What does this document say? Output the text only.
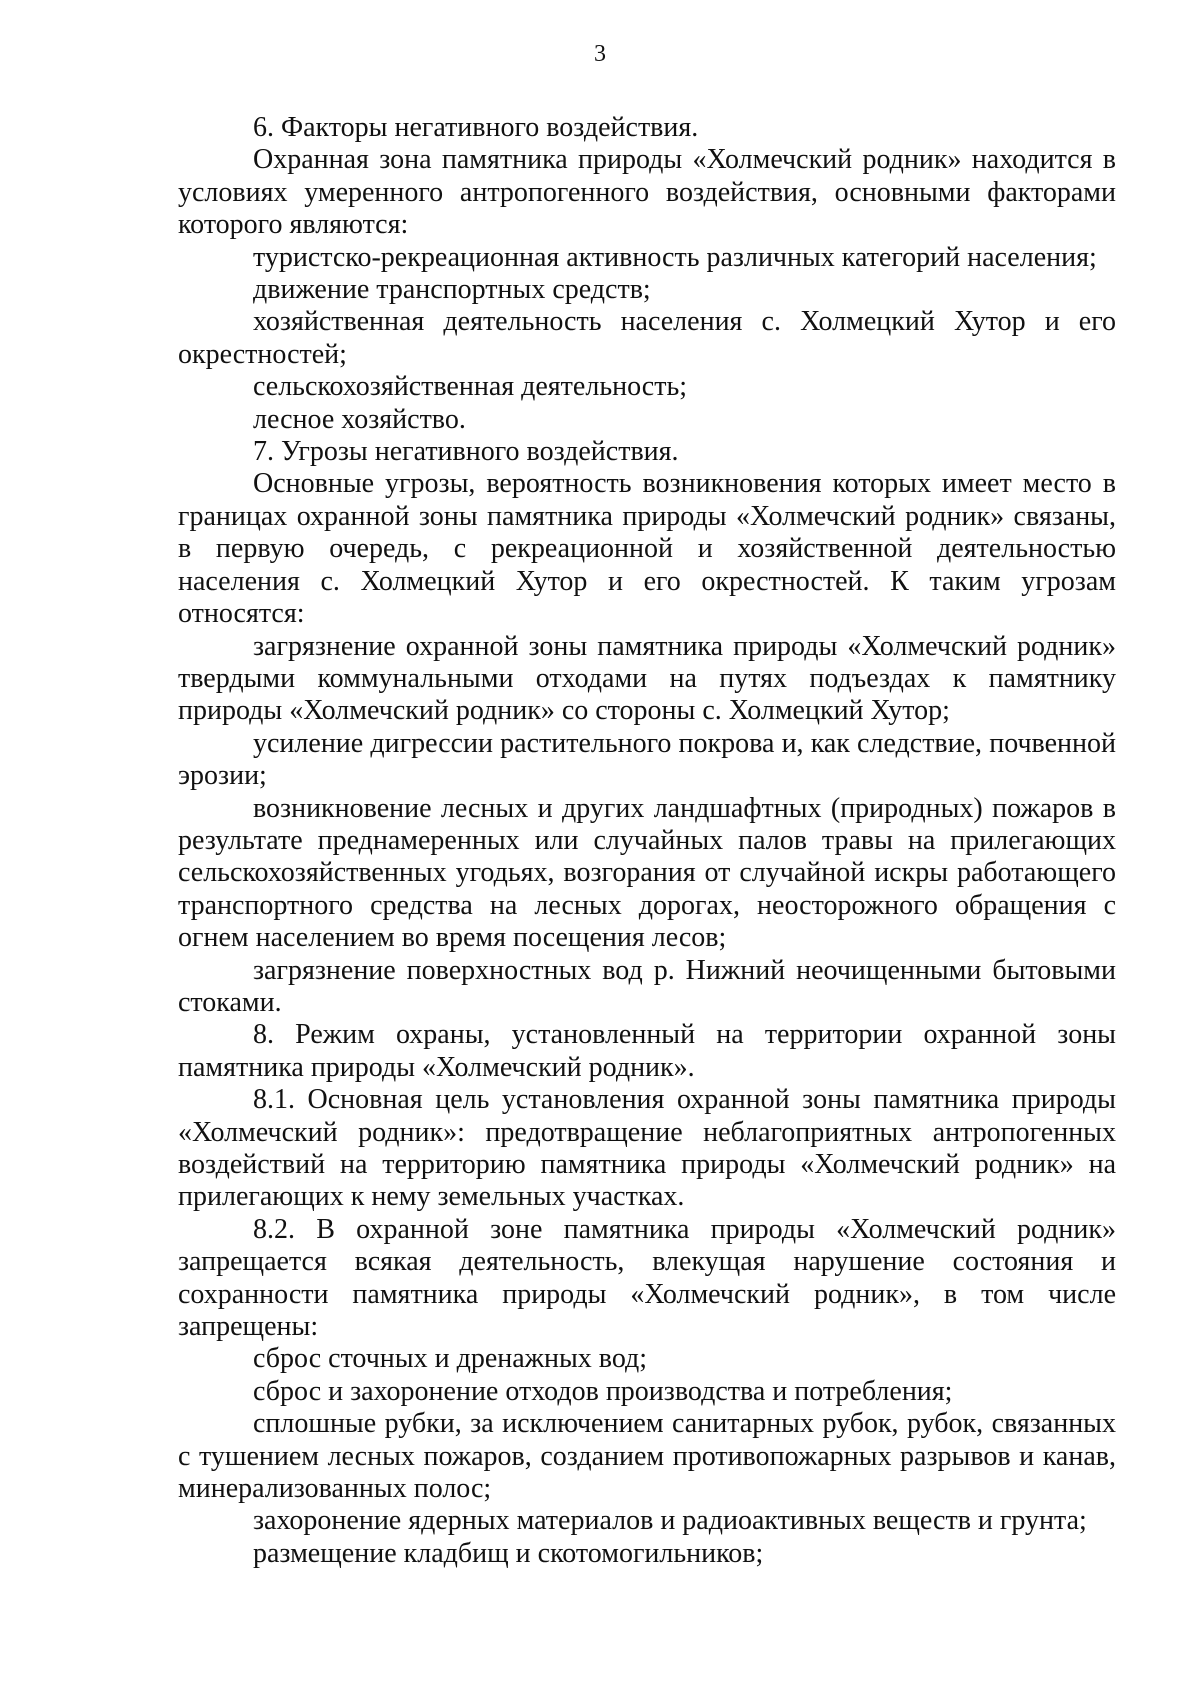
3

6. Факторы негативного воздействия.

Охранная зона памятника природы «Холмечский родник» находится в условиях умеренного антропогенного воздействия, основными факторами которого являются:

туристско-рекреационная активность различных категорий населения;

движение транспортных средств;

хозяйственная деятельность населения с. Холмецкий Хутор и его окрестностей;

сельскохозяйственная деятельность;

лесное хозяйство.

7. Угрозы негативного воздействия.

Основные угрозы, вероятность возникновения которых имеет место в границах охранной зоны памятника природы «Холмечский родник» связаны, в первую очередь, с рекреационной и хозяйственной деятельностью населения с. Холмецкий Хутор и его окрестностей. К таким угрозам относятся:

загрязнение охранной зоны памятника природы «Холмечский родник» твердыми коммунальными отходами на путях подъездах к памятнику природы «Холмечский родник» со стороны с. Холмецкий Хутор;

усиление дигрессии растительного покрова и, как следствие, почвенной эрозии;

возникновение лесных и других ландшафтных (природных) пожаров в результате преднамеренных или случайных палов травы на прилегающих сельскохозяйственных угодьях, возгорания от случайной искры работающего транспортного средства на лесных дорогах, неосторожного обращения с огнем населением во время посещения лесов;

загрязнение поверхностных вод р. Нижний неочищенными бытовыми стоками.

8. Режим охраны, установленный на территории охранной зоны памятника природы «Холмечский родник».

8.1. Основная цель установления охранной зоны памятника природы «Холмечский родник»: предотвращение неблагоприятных антропогенных воздействий на территорию памятника природы «Холмечский родник» на прилегающих к нему земельных участках.

8.2. В охранной зоне памятника природы «Холмечский родник» запрещается всякая деятельность, влекущая нарушение состояния и сохранности памятника природы «Холмечский родник», в том числе запрещены:

сброс сточных и дренажных вод;

сброс и захоронение отходов производства и потребления;

сплошные рубки, за исключением санитарных рубок, рубок, связанных с тушением лесных пожаров, созданием противопожарных разрывов и канав, минерализованных полос;

захоронение ядерных материалов и радиоактивных веществ и грунта;

размещение кладбищ и скотомогильников;
